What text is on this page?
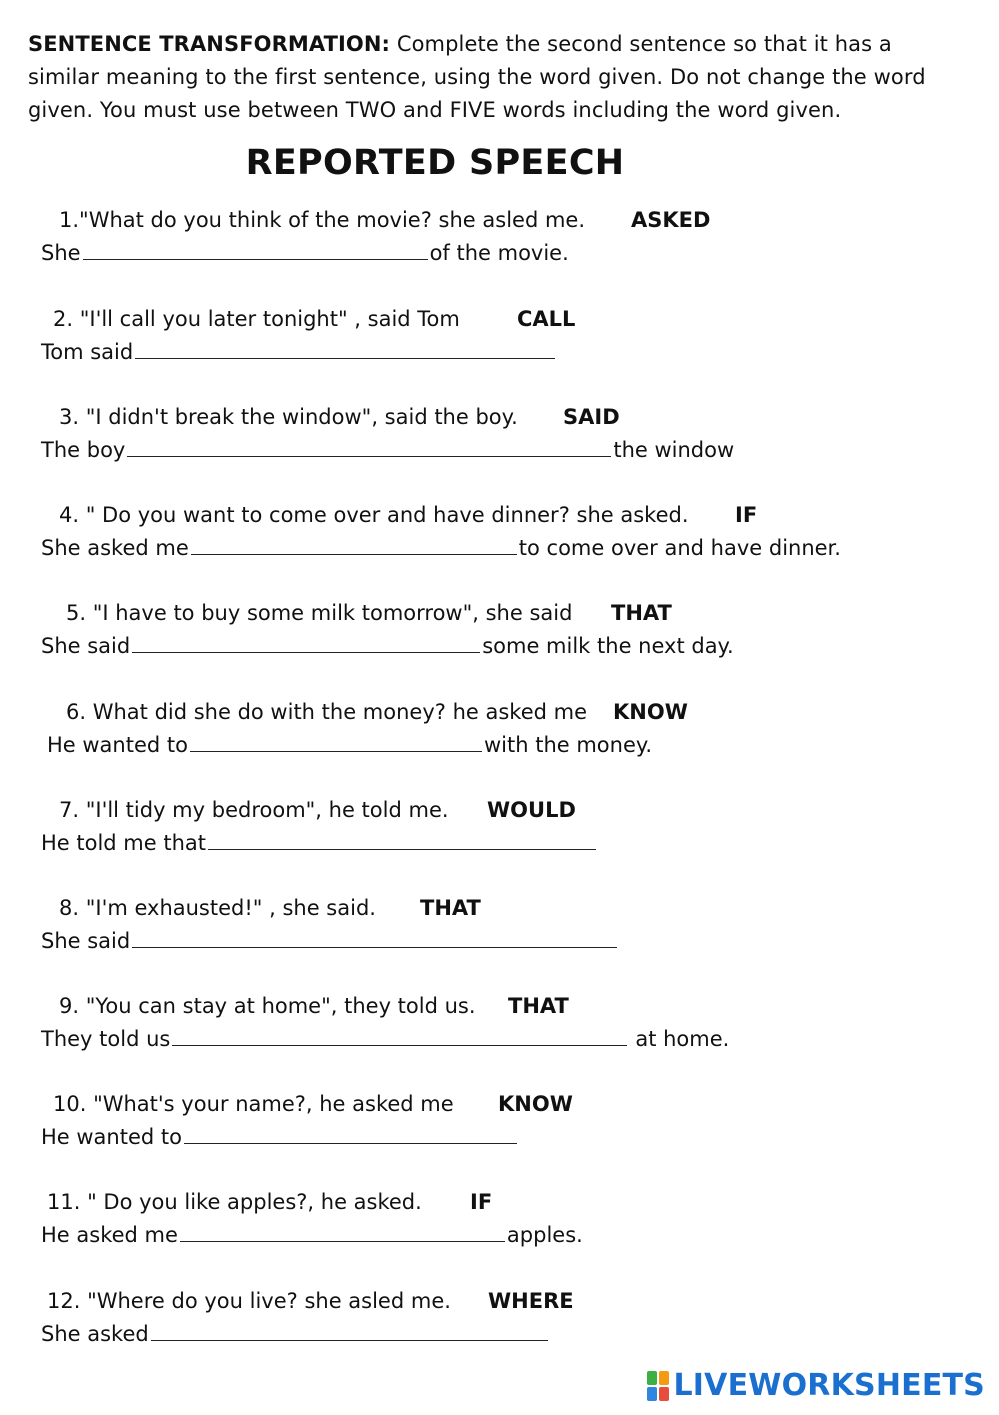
SENTENCE TRANSFORMATION: Complete the second sentence so that it has a similar meaning to the first sentence, using the word given. Do not change the word given. You must use between TWO and FIVE words including the word given.
REPORTED SPEECH
1."What do you think of the movie? she asled me. ASKED
She	of the movie.
2. "I'll call you later tonight" , said Tom	CALL
Tom said
3. "I didn't break the window", said the boy.	SAID
The boy	the window
4. " Do you want to come over and have dinner? she asked.	IF
She asked me	to come over and have dinner.
5. "I have to buy some milk tomorrow", she said	THAT
She said	some milk the next day.
6. What did she do with the money? he asked me	KNOW
He wanted to	with the money.
7. "I'll tidy my bedroom", he told me.	WOULD
He told me that
8. "I'm exhausted!" , she said.	THAT
She said
9. "You can stay at home", they told us.	THAT
They told us	at home.
10. "What's your name?, he asked me	KNOW
He wanted to
11. " Do you like apples?, he asked.	IF
He asked me	apples.
12. "Where do you live? she asled me.	WHERE
She asked
LIVEWORKSHEETS
